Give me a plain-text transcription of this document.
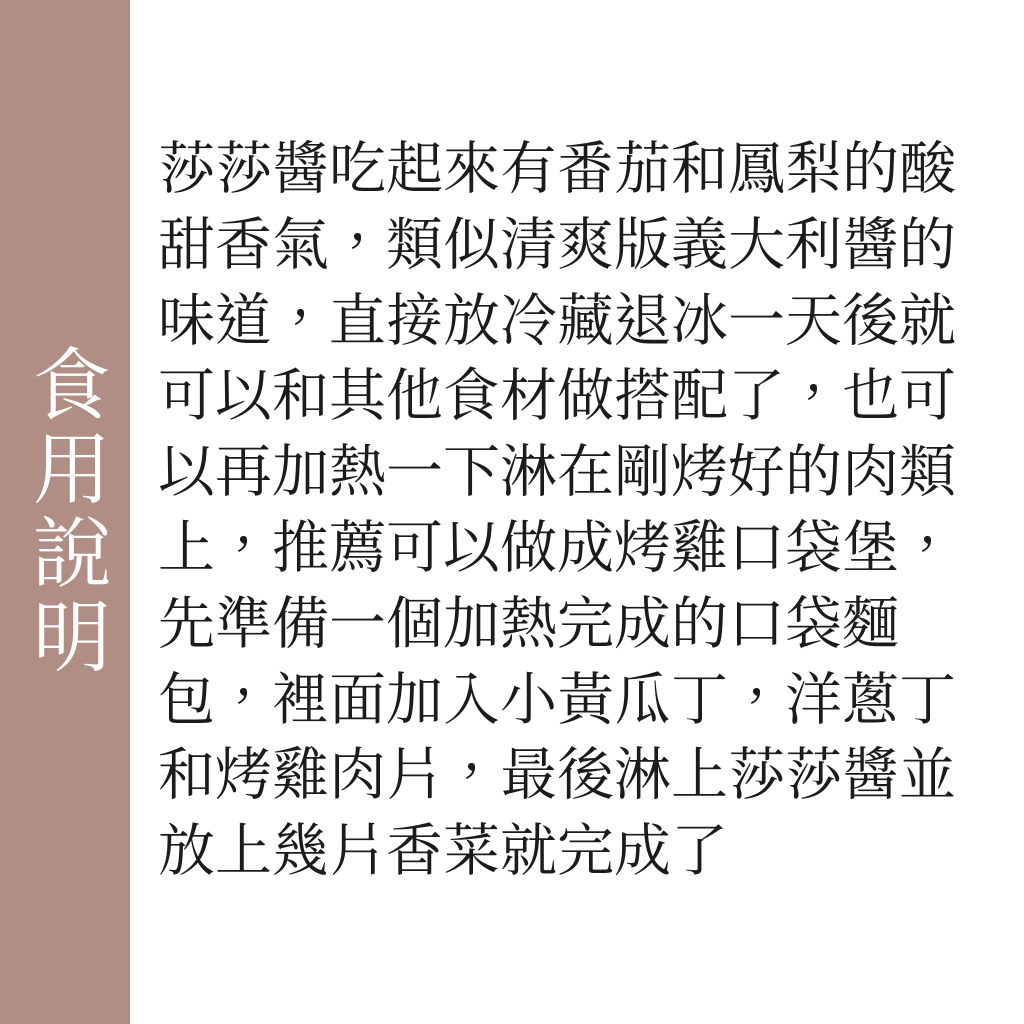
食用說明

莎莎醬吃起來有番茄和鳳梨的酸甜香氣，類似清爽版義大利醬的味道，直接放冷藏退冰一天後就可以和其他食材做搭配了，也可以再加熱一下淋在剛烤好的肉類上，推薦可以做成烤雞口袋堡，先準備一個加熱完成的口袋麵包，裡面加入小黃瓜丁，洋蔥丁和烤雞肉片，最後淋上莎莎醬並放上幾片香菜就完成了
